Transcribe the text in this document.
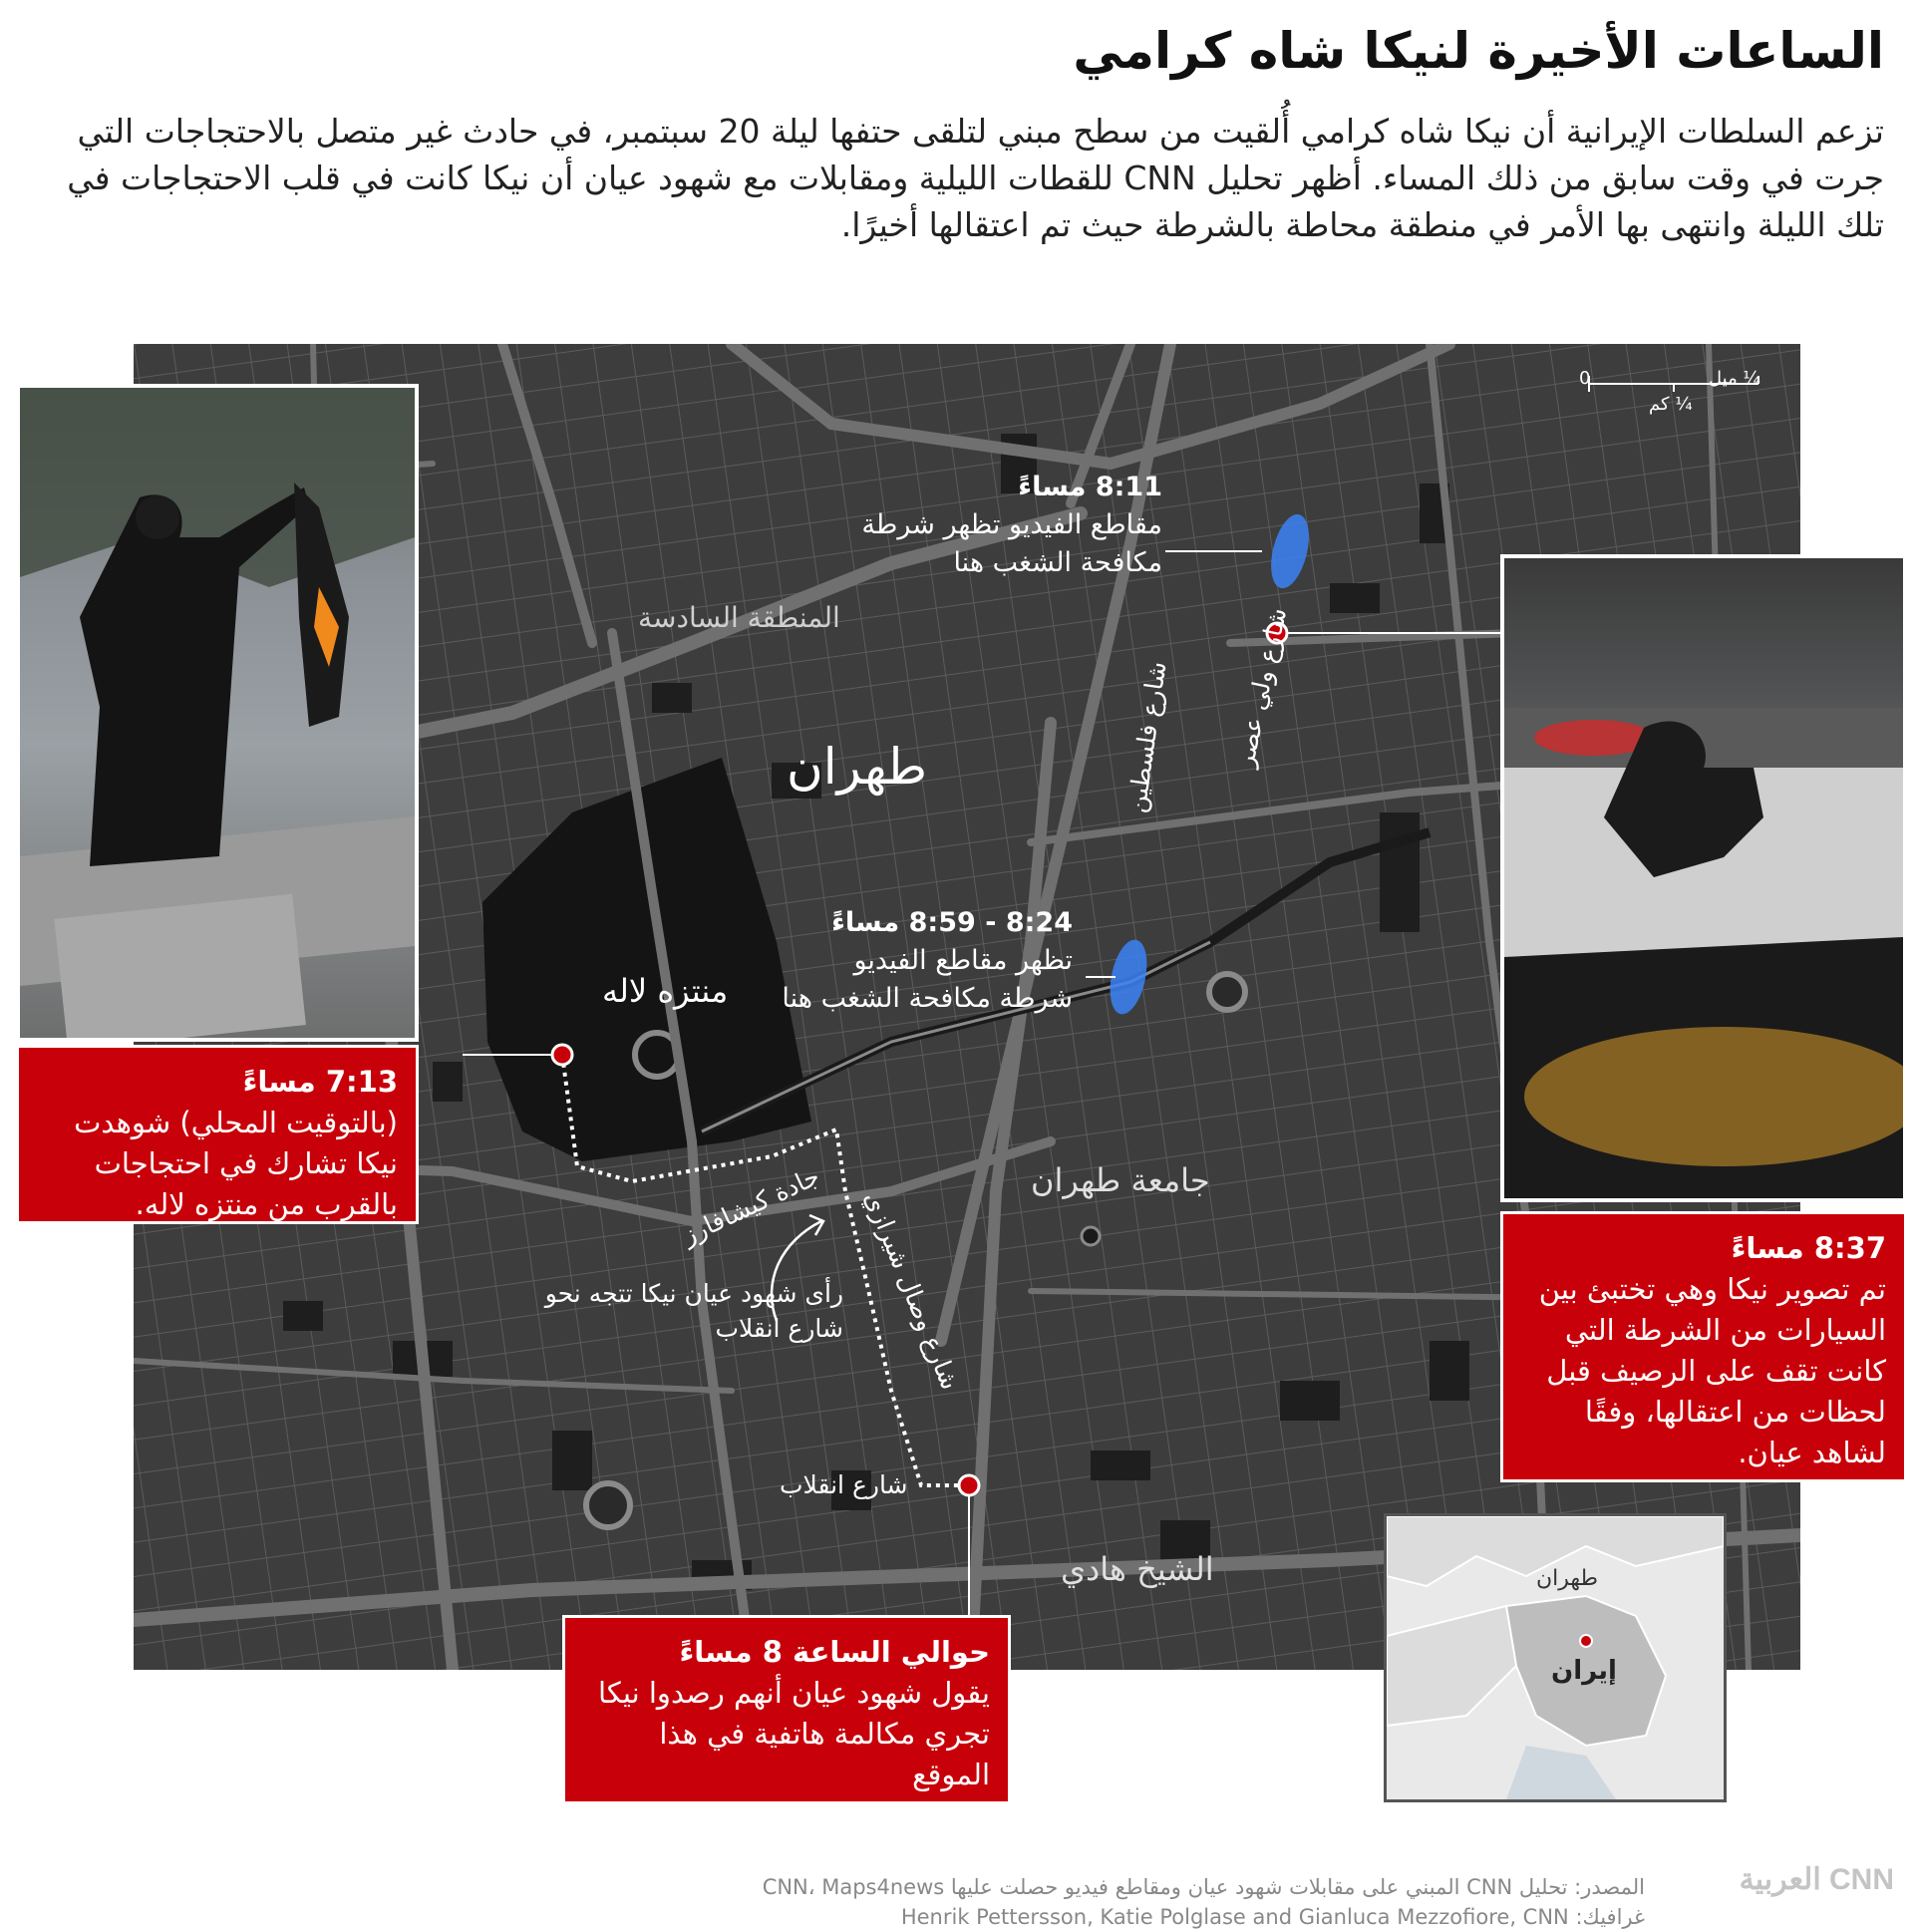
الساعات الأخيرة لنيكا شاه كرامي

تزعم السلطات الإيرانية أن نيكا شاه كرامي أُلقيت من سطح مبني لتلقى حتفها ليلة 20 سبتمبر، في حادث غير متصل بالاحتجاجات التي جرت في وقت سابق من ذلك المساء. أظهر تحليل CNN للقطات الليلية ومقابلات مع شهود عيان أن نيكا كانت في قلب الاحتجاجات في تلك الليلة وانتهى بها الأمر في منطقة محاطة بالشرطة حيث تم اعتقالها أخيرًا.

0	¼ ميل
¼ كم
طهران
المنطقة السادسة
منتزه لاله
جامعة طهران
الشيخ هادي
شارع ولي عصر
شارع فلسطين
جادة كيشافارز شارع وصال شيرازي
شارع انقلاب
8:11 مساءً
مقاطع الفيديو تظهر شرطة مكافحة الشغب هنا
8:24 - 8:59 مساءً
تظهر مقاطع الفيديو شرطة مكافحة الشغب هنا
رأى شهود عيان نيكا تتجه نحو شارع انقلاب
7:13 مساءً
(بالتوقيت المحلي) شوهدت نيكا تشارك في احتجاجات بالقرب من منتزه لاله.
8:37 مساءً
تم تصوير نيكا وهي تختبئ بين السيارات من الشرطة التي كانت تقف على الرصيف قبل لحظات من اعتقالها، وفقًا لشاهد عيان.
حوالي الساعة 8 مساءً
يقول شهود عيان أنهم رصدوا نيكا تجري مكالمة هاتفية في هذا الموقع
طهران
إيران
المصدر: تحليل CNN المبني على مقابلات شهود عيان ومقاطع فيديو حصلت عليها CNN، Maps4news
غرافيك: Henrik Pettersson, Katie Polglase and Gianluca Mezzofiore, CNN
CNN العربية
